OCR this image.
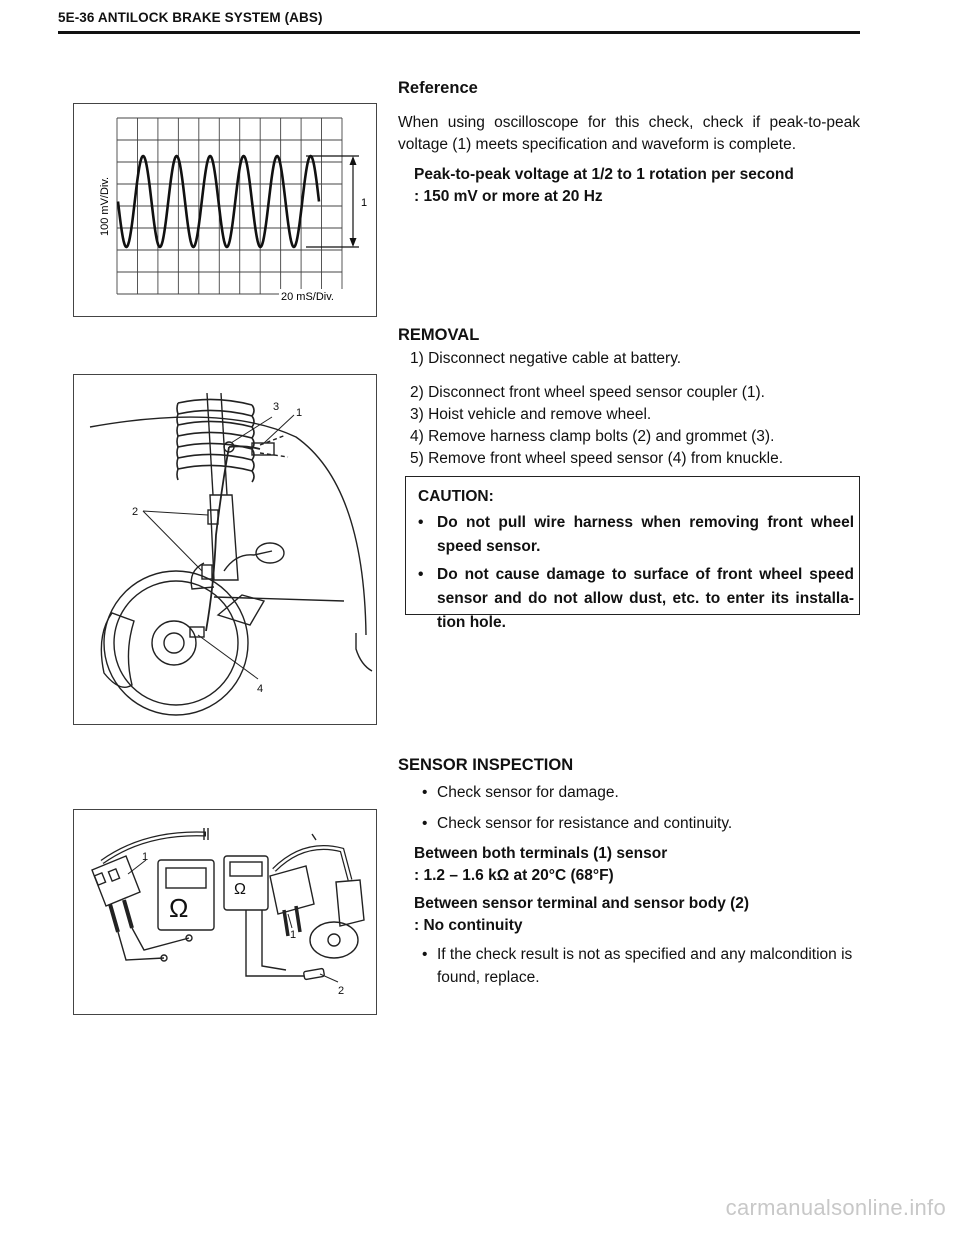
5E-36 ANTILOCK BRAKE SYSTEM (ABS)
1
100 mV/Div.
20 mS/Div.
Reference

When using oscilloscope for this check, check if peak-to-peak voltage (1) meets specification and waveform is complete.

Peak-to-peak voltage at 1/2 to 1 rotation per second
: 150 mV or more at 20 Hz
3 1
2
4
REMOVAL
1) Disconnect negative cable at battery.
2) Disconnect front wheel speed sensor coupler (1).
3) Hoist vehicle and remove wheel.
4) Remove harness clamp bolts (2) and grommet (3).
5) Remove front wheel speed sensor (4) from knuckle.
CAUTION:
• Do not pull wire harness when removing front wheel speed sensor.
• Do not cause damage to surface of front wheel speed sensor and do not allow dust, etc. to enter its installa- tion hole.
Ω
Ω
1
1
2
SENSOR INSPECTION
• Check sensor for damage.
• Check sensor for resistance and continuity.
• If the check result is not as specified and any malcondition is found, replace.
Between both terminals (1) sensor
: 1.2 – 1.6 kΩ at 20°C (68°F)
Between sensor terminal and sensor body (2)
: No continuity
carmanualsonline.info
